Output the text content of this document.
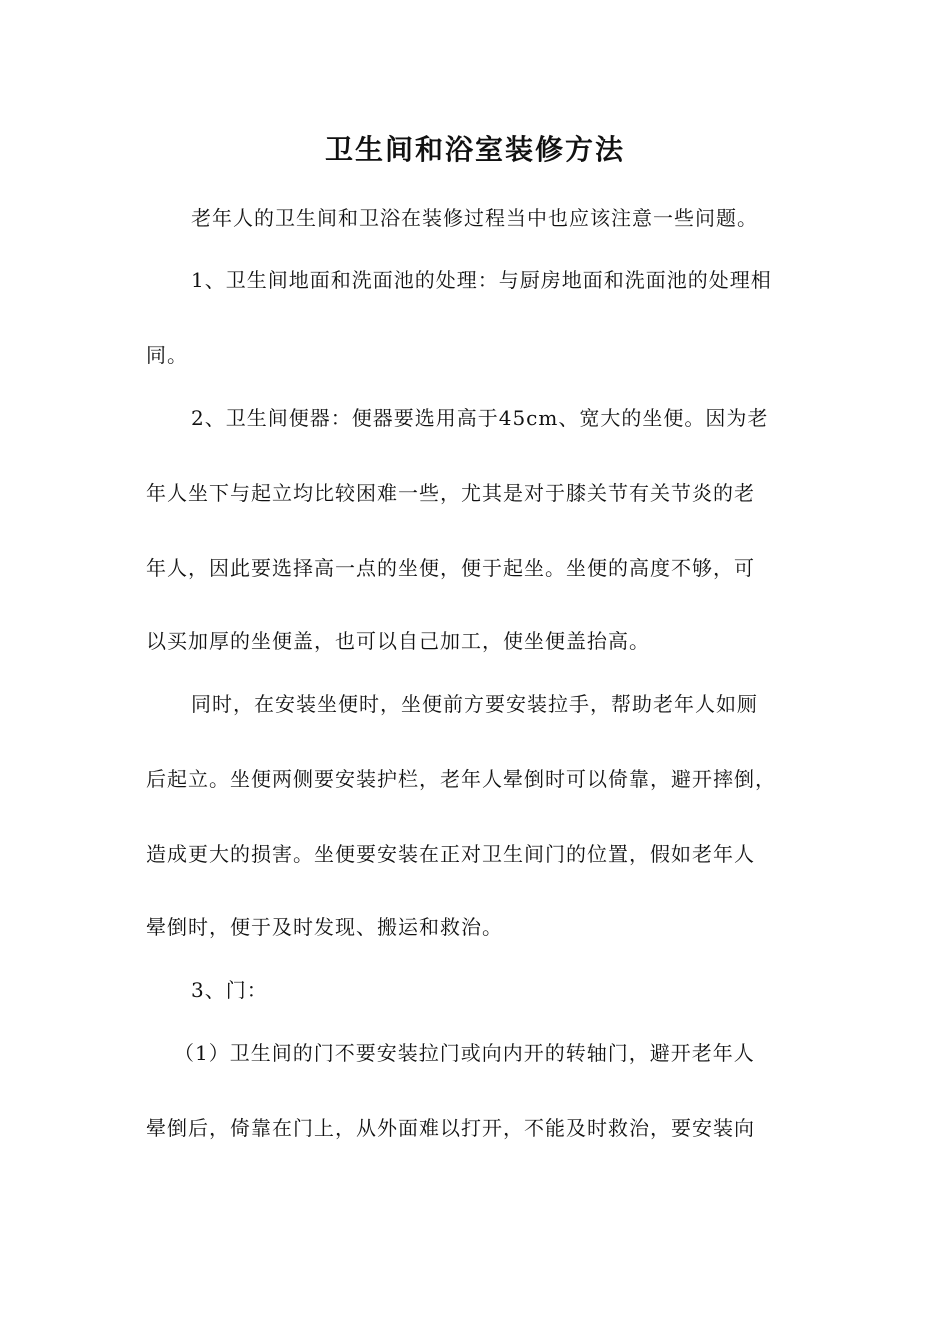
卫生间和浴室装修方法
老年人的卫生间和卫浴在装修过程当中也应该注意一些问题。
1、卫生间地面和洗面池的处理：与厨房地面和洗面池的处理相
同。
2、卫生间便器：便器要选用高于45cm、宽大的坐便。因为老
年人坐下与起立均比较困难一些，尤其是对于膝关节有关节炎的老
年人，因此要选择高一点的坐便，便于起坐。坐便的高度不够，可
以买加厚的坐便盖，也可以自己加工，使坐便盖抬高。
同时，在安装坐便时，坐便前方要安装拉手，帮助老年人如厕
后起立。坐便两侧要安装护栏，老年人晕倒时可以倚靠，避开摔倒，
造成更大的损害。坐便要安装在正对卫生间门的位置，假如老年人
晕倒时，便于及时发现、搬运和救治。
3、门：
（1）卫生间的门不要安装拉门或向内开的转轴门，避开老年人
晕倒后，倚靠在门上，从外面难以打开，不能及时救治，要安装向
